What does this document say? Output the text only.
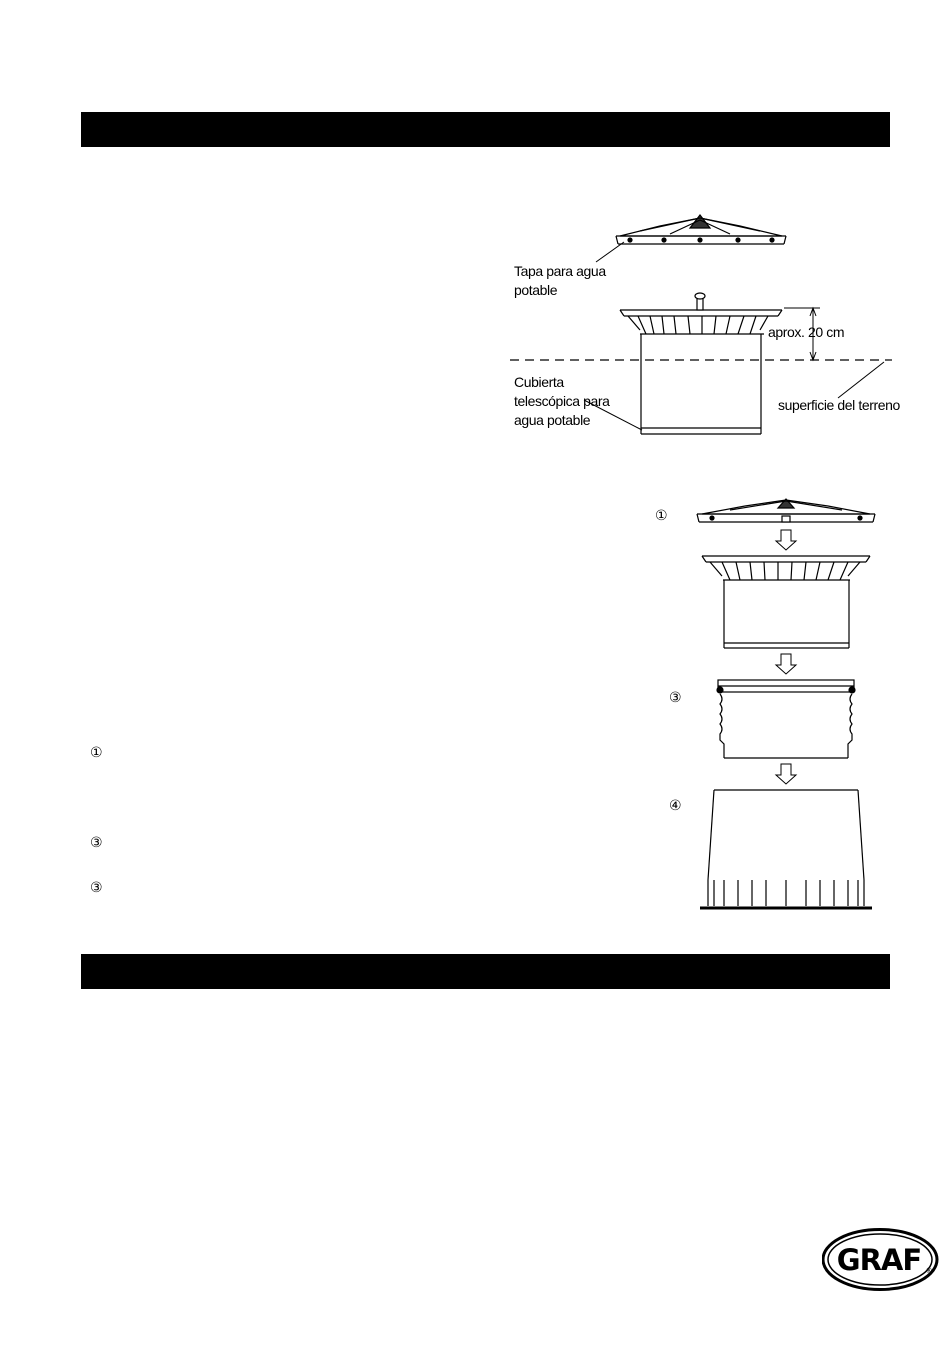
Tapa para agua
potable
aprox. 20 cm
Cubierta
telescópica para
agua potable
superficie del terreno
①
③
④
①
③
③
GRAF ®
